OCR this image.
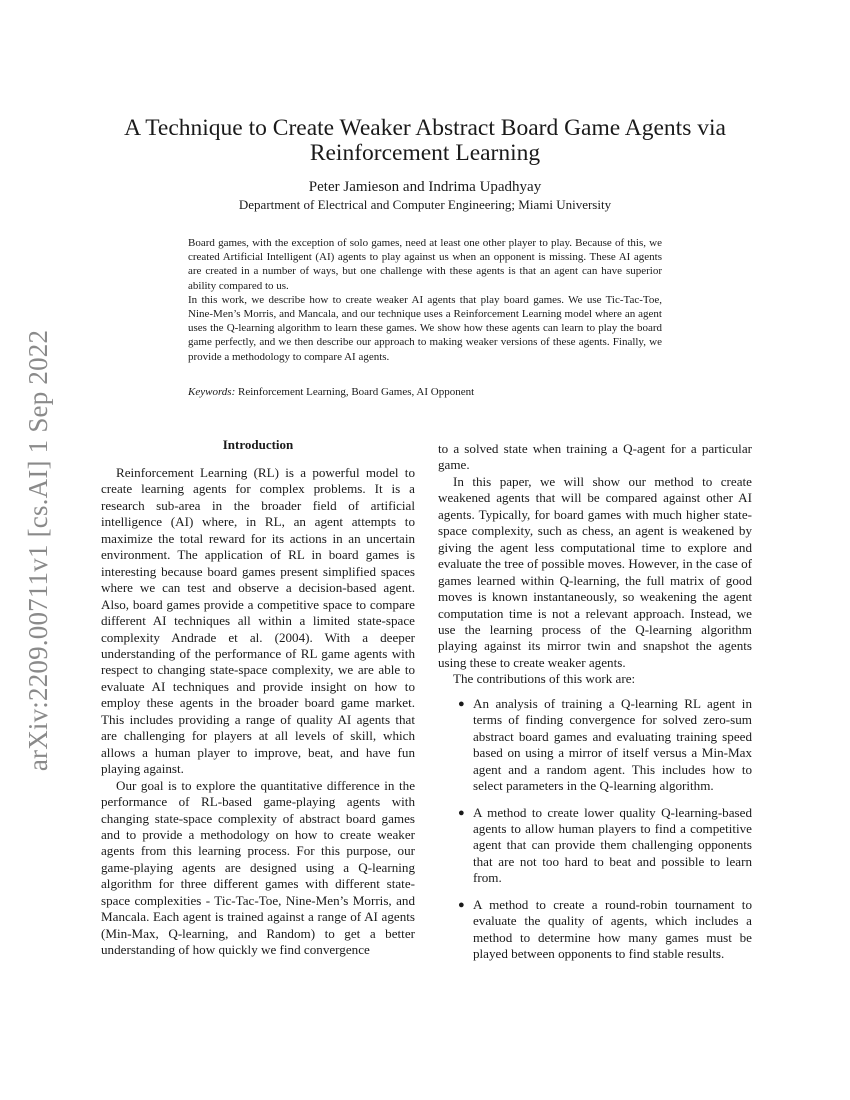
arXiv:2209.00711v1 [cs.AI] 1 Sep 2022
A Technique to Create Weaker Abstract Board Game Agents via Reinforcement Learning
Peter Jamieson and Indrima Upadhyay
Department of Electrical and Computer Engineering; Miami University

Board games, with the exception of solo games, need at least one other player to play. Because of this, we created Artificial Intelligent (AI) agents to play against us when an opponent is missing. These AI agents are created in a number of ways, but one challenge with these agents is that an agent can have superior ability compared to us.

In this work, we describe how to create weaker AI agents that play board games. We use Tic-Tac-Toe, Nine-Men’s Morris, and Mancala, and our technique uses a Reinforcement Learning model where an agent uses the Q-learning algorithm to learn these games. We show how these agents can learn to play the board game perfectly, and we then describe our approach to making weaker versions of these agents. Finally, we provide a methodology to compare AI agents.

Keywords: Reinforcement Learning, Board Games, AI Opponent
Introduction

Reinforcement Learning (RL) is a powerful model to create learning agents for complex problems. It is a research sub-area in the broader field of artificial intelligence (AI) where, in RL, an agent attempts to maximize the total reward for its actions in an uncertain environment. The application of RL in board games is interesting because board games present simplified spaces where we can test and observe a decision-based agent. Also, board games provide a competitive space to compare different AI techniques all within a limited state-space complexity Andrade et al. (2004). With a deeper understanding of the performance of RL game agents with respect to changing state-space complexity, we are able to evaluate AI techniques and provide insight on how to employ these agents in the broader board game market. This includes providing a range of quality AI agents that are challenging for players at all levels of skill, which allows a human player to improve, beat, and have fun playing against.

Our goal is to explore the quantitative difference in the performance of RL-based game-playing agents with changing state-space complexity of abstract board games and to provide a methodology on how to create weaker agents from this learning process. For this purpose, our game-playing agents are designed using a Q-learning algorithm for three different games with different state-space complexities - Tic-Tac-Toe, Nine-Men’s Morris, and Mancala. Each agent is trained against a range of AI agents (Min-Max, Q-learning, and Random) to get a better understanding of how quickly we find convergence

to a solved state when training a Q-agent for a particular game.

In this paper, we will show our method to create weakened agents that will be compared against other AI agents. Typically, for board games with much higher state-space complexity, such as chess, an agent is weakened by giving the agent less computational time to explore and evaluate the tree of possible moves. However, in the case of games learned within Q-learning, the full matrix of good moves is known instantaneously, so weakening the agent computation time is not a relevant approach. Instead, we use the learning process of the Q-learning algorithm playing against its mirror twin and snapshot the agents using these to create weaker agents.

The contributions of this work are:

● An analysis of training a Q-learning RL agent in terms of finding convergence for solved zero-sum abstract board games and evaluating training speed based on using a mirror of itself versus a Min-Max agent and a random agent. This includes how to select parameters in the Q-learning algorithm.
● A method to create lower quality Q-learning-based agents to allow human players to find a competitive agent that can provide them challenging opponents that are not too hard to beat and possible to learn from.
● A method to create a round-robin tournament to evaluate the quality of agents, which includes a method to determine how many games must be played between opponents to find stable results.
